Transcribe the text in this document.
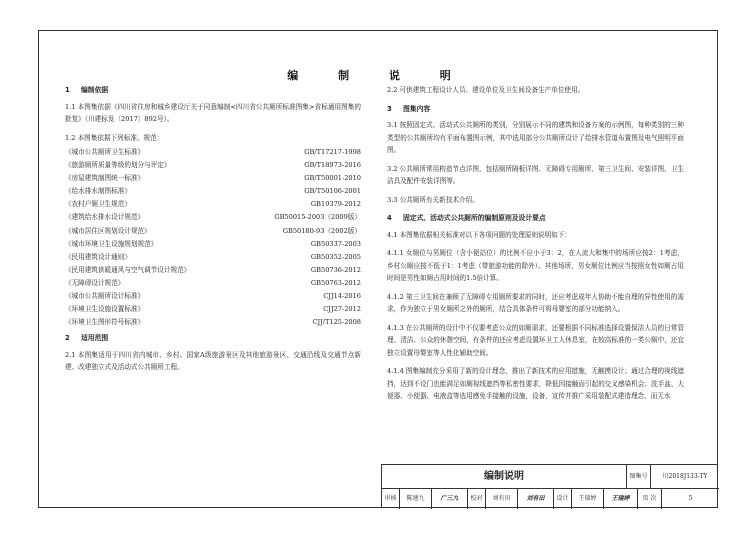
编 制 说 明
1 编制依据
1.1 本图集依据《四川省住房和城乡建设厅关于同意编制<四川省公共厕所标准图集>省标通用图集的批复》（川建标发〔2017〕892号）。
1.2 本图集依据下列标准、规范：
《城市公共厕所卫生标准》	GB/T17217-1998
《旅游厕所质量等级的划分与评定》	GB/T18973-2016
《房屋建筑制图统一标准》	GB/T50001-2010
《给水排水制图标准》	GB/T50106-2001
《农村户厕卫生规范》	GB19379-2012
《建筑给水排水设计规范》	GB50015-2003（2009版）
《城市居住区规划设计规范》	GB50180-93（2002版）
《城市环境卫生设施规划规范》	GB50337-2003
《民用建筑设计通则》	GB50352-2005
《民用建筑供暖通风与空气调节设计规范》	GB50736-2012
《无障碍设计规范》	GB50763-2012
《城市公共厕所设计标准》	CJJ14-2016
《环境卫生设施设置标准》	CJJ27-2012
《环境卫生图形符号标准》	CJJ/T125-2008
2 适用范围
2.1 本图集适用于四川省内城市、乡村、国家A级旅游景区及其他旅游景区、交通沿线及交通节点新建、改建独立式及活动式公共厕所工程。
2.2 可供建筑工程设计人员、建设单位及卫生间设备生产单位使用。
3 图集内容
3.1 按照固定式、活动式公共厕所的类别，分别展示不同的建筑和设备方案的示例图，每种类别的三种类型的公共厕所均有平面布置图示例，其中选用部分公共厕所设计了给排水管道布置图及电气照明平面图。
3.2 公共厕所常用构造节点详图，包括厕所隔板详图、无障碍专用厕所、第三卫生间、安装详图、卫生洁具及配件安装详图等。
3.3 公共厕所有关新技术介绍。
4 固定式、活动式公共厕所的编制原则及设计要点
4.1 本图集依据相关标准对以下各项问题的处理原则说明如下：
4.1.1 女厕位与男厕位（含小便站位）的比例不应小于3：2，在人流大和集中的场所应按2：1考虑，乡村公厕应按不低于1：1考虑（带旅游功能的除外）。其他场所，男女厕位比例应当按照女性如厕占用时间是男性如厕占用时间的1.5倍计算。
4.1.2 第三卫生间在兼顾了无障碍专用厕所要求的同时，还应考虑成年人协助不能自理的异性使用的需求，作为独立于男女厕所之外的厕所，结合具体条件可将母婴室的部分功能纳入。
4.1.3 在公共厕所的设计中不仅要考虑公众的如厕需求，还要根据不同标准选择设置保洁人员的日常管理、清洁、公众的休憩空间，有条件的还应考虑设置环卫工人休息室，在较高标准的一类公厕中，还宜独立设置母婴室等人性化辅助空间。
4.1.4 图集编制充分采用了新的设计理念，推出了新技术的应用措施，无触摸设计；通过合理的视线遮挡，达到不设门也能满足如厕视线遮挡等私密性要求，降低因接触而引起的交叉感染机会；洗手盆、大便器、小便器、电液盒等选用感免手接触的设施，设备，宣传并推广采用装配式建造理念，而无水
编制说明	图集号	川2018J133-TY
审核	陈建九	广三九	校对	刘有田	刘有田	设计	王瑞婷	王瑞婷	页 次	5
